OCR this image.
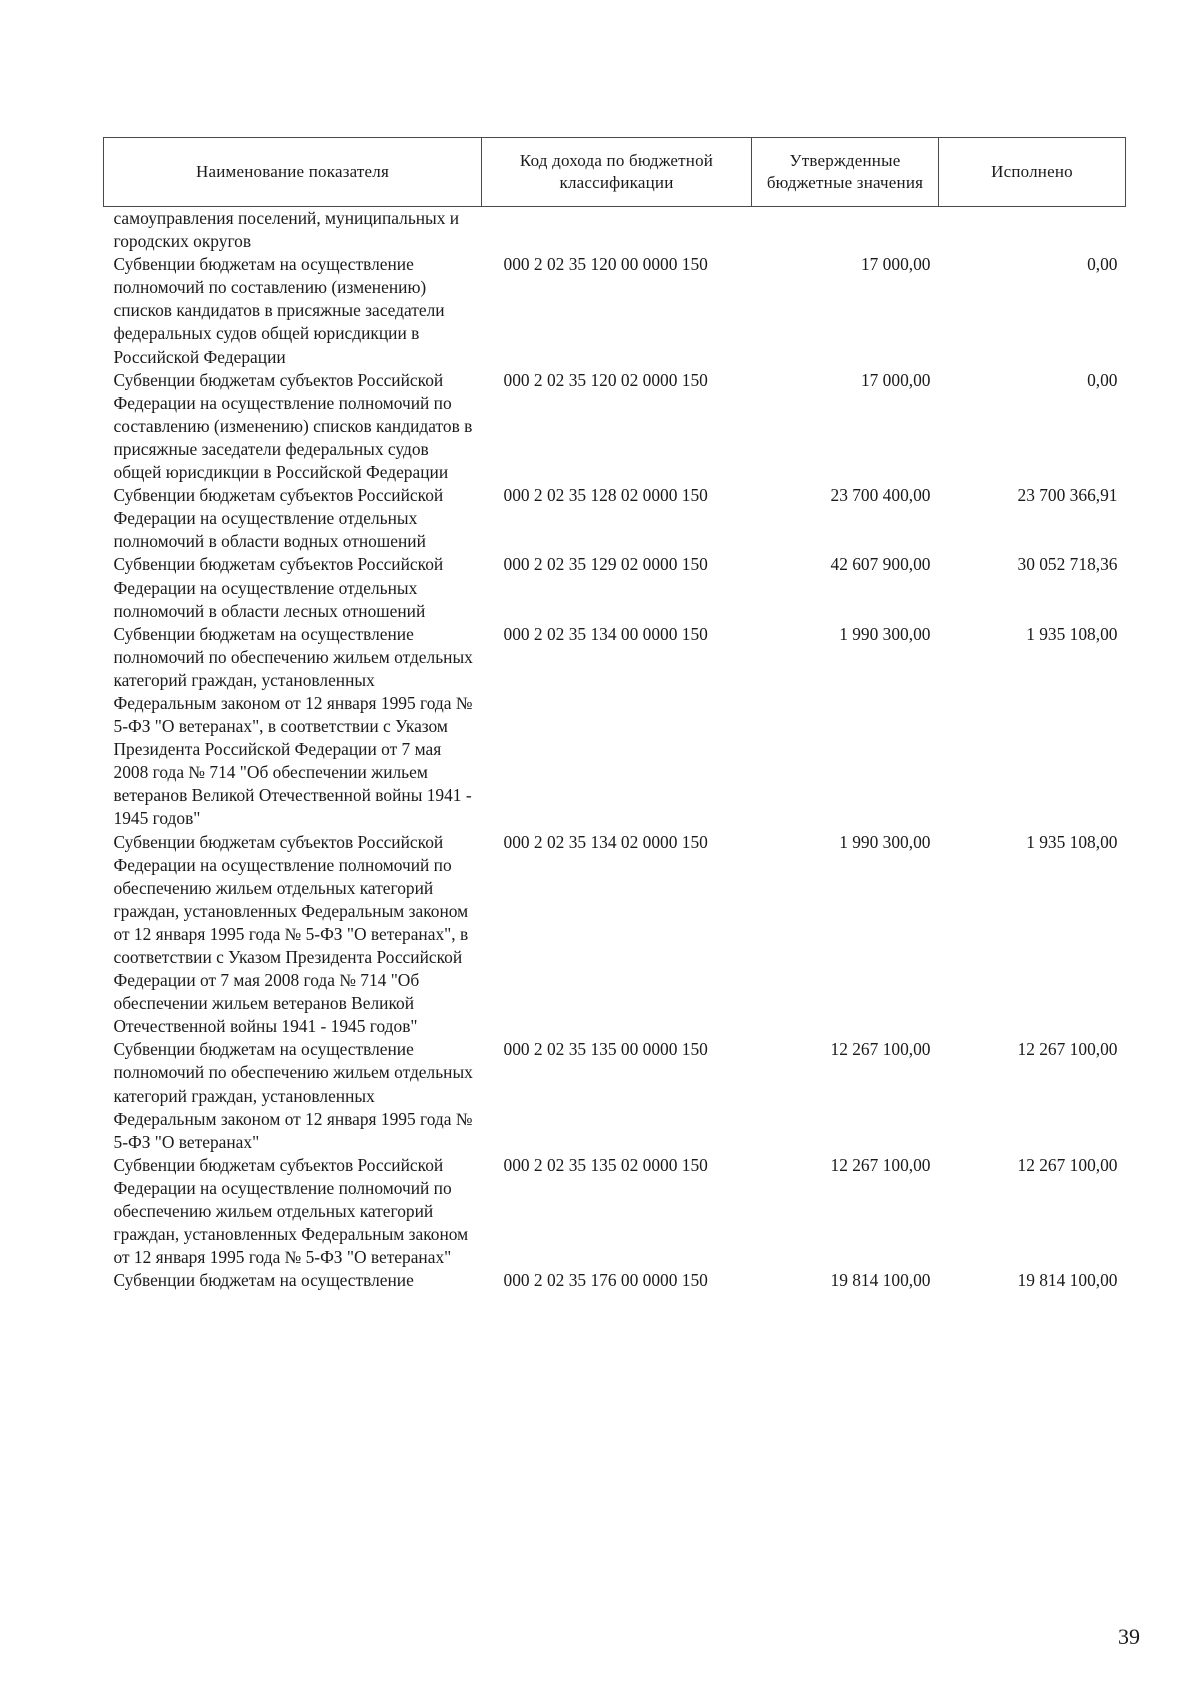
Наименование показателя	Код дохода по бюджетной классификации	Утвержденные бюджетные значения	Исполнено
самоуправления поселений, муниципальных и городских округов			
Субвенции бюджетам на осуществление полномочий по составлению (изменению) списков кандидатов в присяжные заседатели федеральных судов общей юрисдикции в Российской Федерации	000 2 02 35 120 00 0000 150	17 000,00	0,00
Субвенции бюджетам субъектов Российской Федерации на осуществление полномочий по составлению (изменению) списков кандидатов в присяжные заседатели федеральных судов общей юрисдикции в Российской Федерации	000 2 02 35 120 02 0000 150	17 000,00	0,00
Субвенции бюджетам субъектов Российской Федерации на осуществление отдельных полномочий в области водных отношений	000 2 02 35 128 02 0000 150	23 700 400,00	23 700 366,91
Субвенции бюджетам субъектов Российской Федерации на осуществление отдельных полномочий в области лесных отношений	000 2 02 35 129 02 0000 150	42 607 900,00	30 052 718,36
Субвенции бюджетам на осуществление полномочий по обеспечению жильем отдельных категорий граждан, установленных Федеральным законом от 12 января 1995 года № 5-ФЗ "О ветеранах", в соответствии с Указом Президента Российской Федерации от 7 мая 2008 года № 714 "Об обеспечении жильем ветеранов Великой Отечественной войны 1941 - 1945 годов"	000 2 02 35 134 00 0000 150	1 990 300,00	1 935 108,00
Субвенции бюджетам субъектов Российской Федерации на осуществление полномочий по обеспечению жильем отдельных категорий граждан, установленных Федеральным законом от 12 января 1995 года № 5-ФЗ "О ветеранах", в соответствии с Указом Президента Российской Федерации от 7 мая 2008 года № 714 "Об обеспечении жильем ветеранов Великой Отечественной войны 1941 - 1945 годов"	000 2 02 35 134 02 0000 150	1 990 300,00	1 935 108,00
Субвенции бюджетам на осуществление полномочий по обеспечению жильем отдельных категорий граждан, установленных Федеральным законом от 12 января 1995 года № 5-ФЗ "О ветеранах"	000 2 02 35 135 00 0000 150	12 267 100,00	12 267 100,00
Субвенции бюджетам субъектов Российской Федерации на осуществление полномочий по обеспечению жильем отдельных категорий граждан, установленных Федеральным законом от 12 января 1995 года № 5-ФЗ "О ветеранах"	000 2 02 35 135 02 0000 150	12 267 100,00	12 267 100,00
Субвенции бюджетам на осуществление	000 2 02 35 176 00 0000 150	19 814 100,00	19 814 100,00
39
